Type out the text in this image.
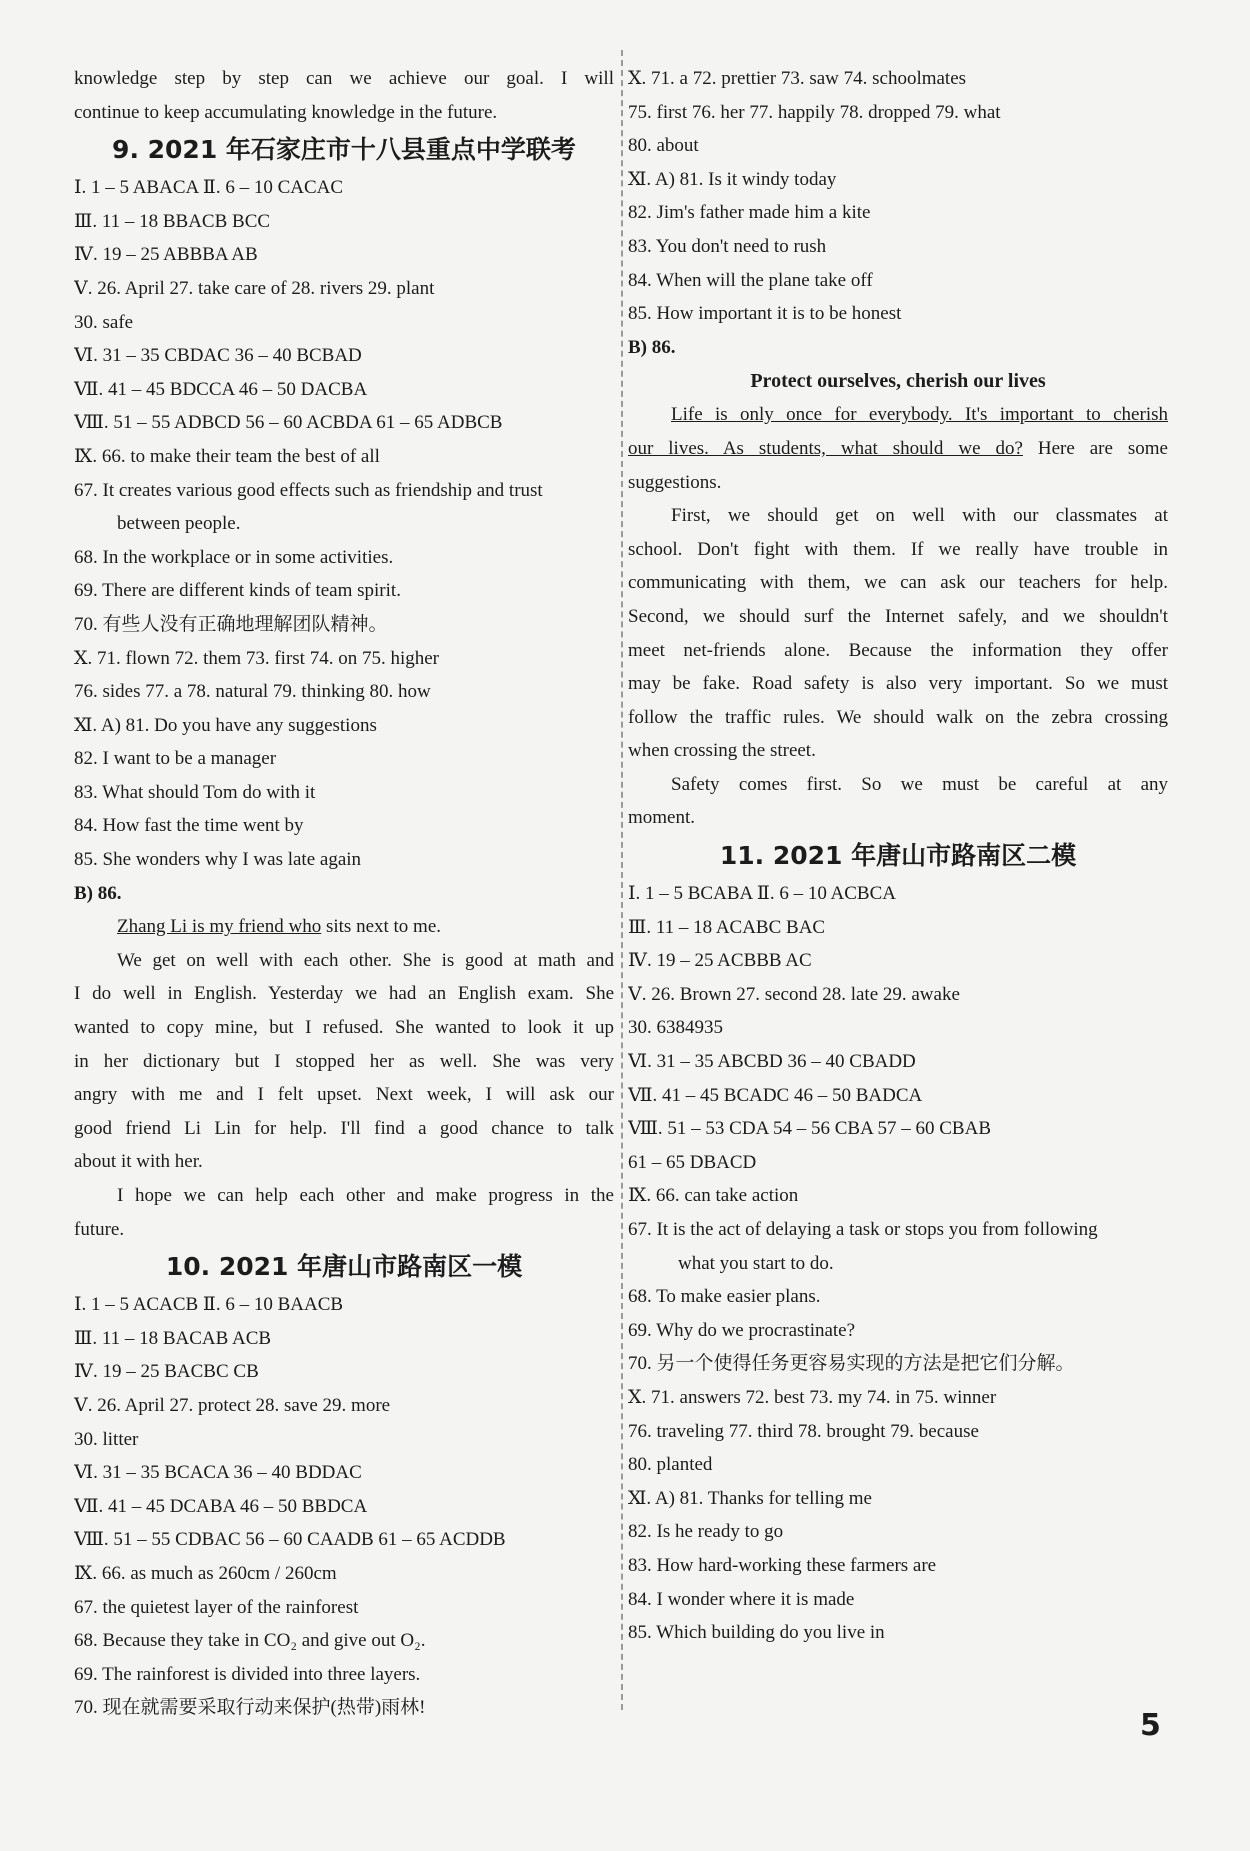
knowledge step by step can we achieve our goal. I will
continue to keep accumulating knowledge in the future.
9. 2021 年石家庄市十八县重点中学联考
Ⅰ. 1 – 5 ABACA Ⅱ. 6 – 10 CACAC
Ⅲ. 11 – 18 BBACB BCC
Ⅳ. 19 – 25 ABBBA AB
Ⅴ. 26. April 27. take care of 28. rivers 29. plant
30. safe
Ⅵ. 31 – 35 CBDAC 36 – 40 BCBAD
Ⅶ. 41 – 45 BDCCA 46 – 50 DACBA
Ⅷ. 51 – 55 ADBCD 56 – 60 ACBDA 61 – 65 ADBCB
Ⅸ. 66. to make their team the best of all
67. It creates various good effects such as friendship and trust
between people.
68. In the workplace or in some activities.
69. There are different kinds of team spirit.
70. 有些人没有正确地理解团队精神。
Ⅹ. 71. flown 72. them 73. first 74. on 75. higher
76. sides 77. a 78. natural 79. thinking 80. how
Ⅺ. A) 81. Do you have any suggestions
82. I want to be a manager
83. What should Tom do with it
84. How fast the time went by
85. She wonders why I was late again
B) 86.
Zhang Li is my friend who sits next to me.
We get on well with each other. She is good at math and
I do well in English. Yesterday we had an English exam. She
wanted to copy mine, but I refused. She wanted to look it up
in her dictionary but I stopped her as well. She was very
angry with me and I felt upset. Next week, I will ask our
good friend Li Lin for help. I'll find a good chance to talk
about it with her.
I hope we can help each other and make progress in the
future.
10. 2021 年唐山市路南区一模
Ⅰ. 1 – 5 ACACB Ⅱ. 6 – 10 BAACB
Ⅲ. 11 – 18 BACAB ACB
Ⅳ. 19 – 25 BACBC CB
Ⅴ. 26. April 27. protect 28. save 29. more
30. litter
Ⅵ. 31 – 35 BCACA 36 – 40 BDDAC
Ⅶ. 41 – 45 DCABA 46 – 50 BBDCA
Ⅷ. 51 – 55 CDBAC 56 – 60 CAADB 61 – 65 ACDDB
Ⅸ. 66. as much as 260cm / 260cm
67. the quietest layer of the rainforest
68. Because they take in CO₂ and give out O₂.
69. The rainforest is divided into three layers.
70. 现在就需要采取行动来保护(热带)雨林!
Ⅹ. 71. a 72. prettier 73. saw 74. schoolmates
75. first 76. her 77. happily 78. dropped 79. what
80. about
Ⅺ. A) 81. Is it windy today
82. Jim's father made him a kite
83. You don't need to rush
84. When will the plane take off
85. How important it is to be honest
B) 86.
Protect ourselves, cherish our lives
Life is only once for everybody. It's important to cherish
our lives. As students, what should we do? Here are some
suggestions.
First, we should get on well with our classmates at
school. Don't fight with them. If we really have trouble in
communicating with them, we can ask our teachers for help.
Second, we should surf the Internet safely, and we shouldn't
meet net-friends alone. Because the information they offer
may be fake. Road safety is also very important. So we must
follow the traffic rules. We should walk on the zebra crossing
when crossing the street.
Safety comes first. So we must be careful at any
moment.
11. 2021 年唐山市路南区二模
Ⅰ. 1 – 5 BCABA Ⅱ. 6 – 10 ACBCA
Ⅲ. 11 – 18 ACABC BAC
Ⅳ. 19 – 25 ACBBB AC
Ⅴ. 26. Brown 27. second 28. late 29. awake
30. 6384935
Ⅵ. 31 – 35 ABCBD 36 – 40 CBADD
Ⅶ. 41 – 45 BCADC 46 – 50 BADCA
Ⅷ. 51 – 53 CDA 54 – 56 CBA 57 – 60 CBAB
61 – 65 DBACD
Ⅸ. 66. can take action
67. It is the act of delaying a task or stops you from following
what you start to do.
68. To make easier plans.
69. Why do we procrastinate?
70. 另一个使得任务更容易实现的方法是把它们分解。
Ⅹ. 71. answers 72. best 73. my 74. in 75. winner
76. traveling 77. third 78. brought 79. because
80. planted
Ⅺ. A) 81. Thanks for telling me
82. Is he ready to go
83. How hard-working these farmers are
84. I wonder where it is made
85. Which building do you live in
5
